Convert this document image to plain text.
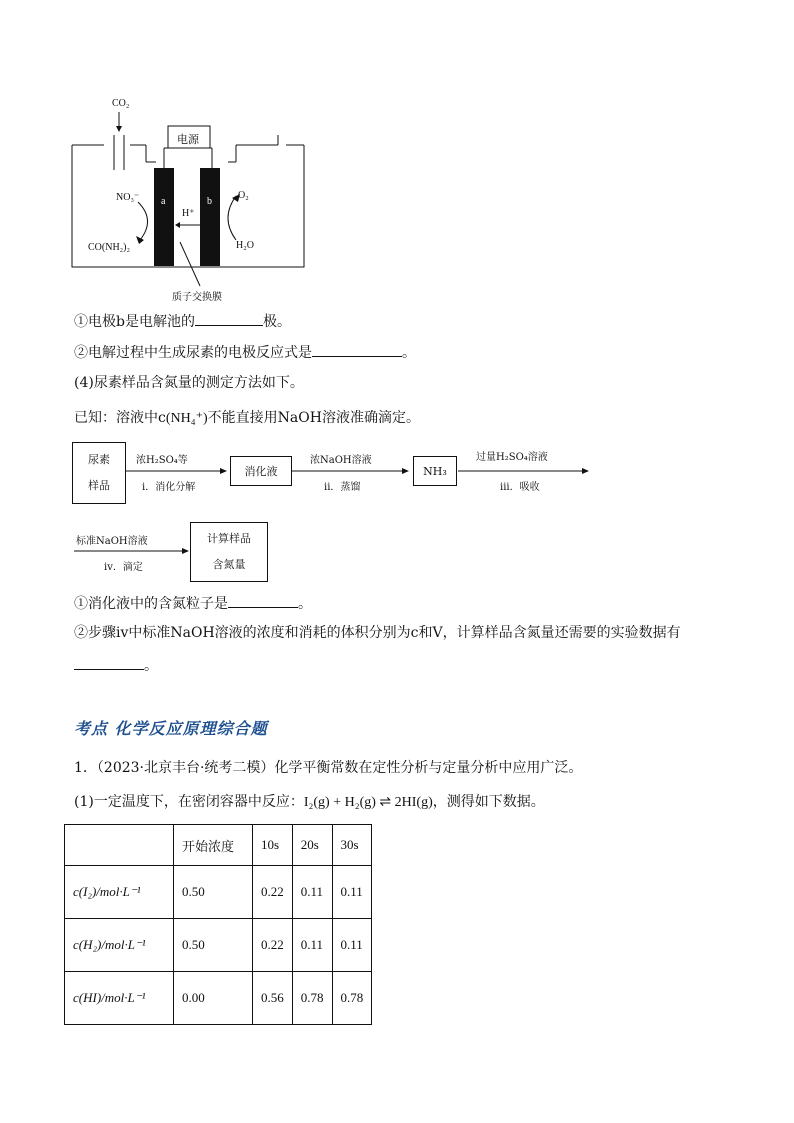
CO₂
电源
a	b
NO₃⁻
H⁺
O₂
CO(NH₂)₂	H₂O
质子交换膜
①电极b是电解池的	极。
②电解过程中生成尿素的电极反应式是	。
(4)尿素样品含氮量的测定方法如下。
已知：溶液中c(NH₄⁺)不能直接用NaOH溶液准确滴定。
尿素
样品
浓H₂SO₄等
i．消化分解
消化液
浓NaOH溶液
ii．蒸馏
NH₃
过量H₂SO₄溶液
iii．吸收
标准NaOH溶液
iv．滴定
计算样品
含氮量
①消化液中的含氮粒子是	。
②步骤iv中标准NaOH溶液的浓度和消耗的体积分别为c和V，计算样品含氮量还需要的实验数据有
。
考点 化学反应原理综合题
1．（2023·北京丰台·统考二模）化学平衡常数在定性分析与定量分析中应用广泛。
(1)一定温度下，在密闭容器中反应：I₂(g) + H₂(g) ⇌ 2HI(g)，测得如下数据。
	开始浓度	10s	20s	30s
c(I₂)/mol·L⁻¹	0.50	0.22	0.11	0.11
c(H₂)/mol·L⁻¹	0.50	0.22	0.11	0.11
c(HI)/mol·L⁻¹	0.00	0.56	0.78	0.78
